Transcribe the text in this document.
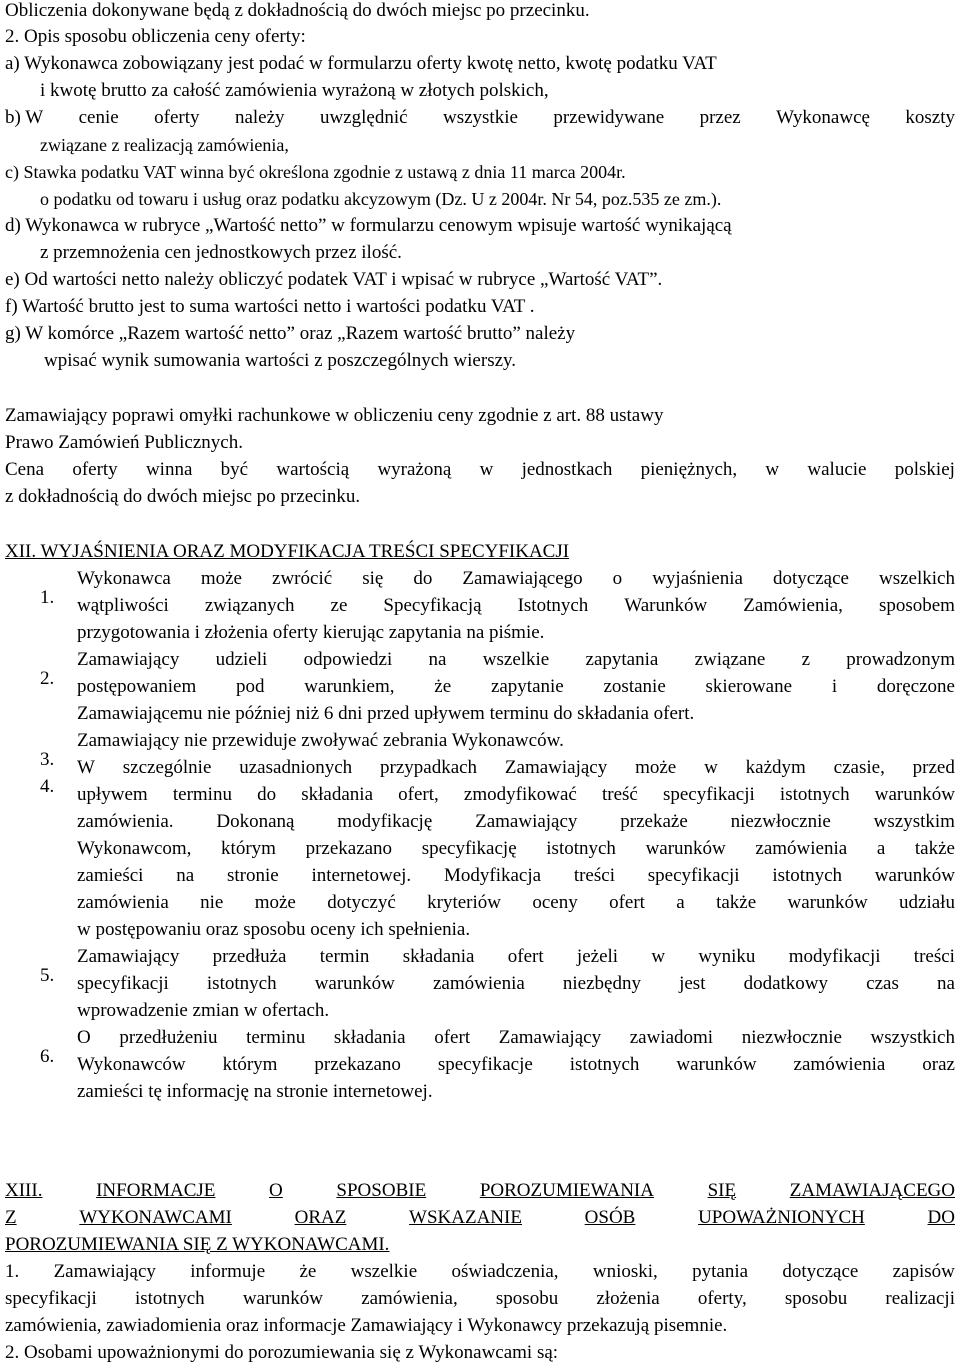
Obliczenia dokonywane będą z dokładnością do dwóch miejsc po przecinku.

2. Opis sposobu obliczenia ceny oferty:

a) Wykonawca zobowiązany jest podać w formularzu oferty kwotę netto, kwotę podatku VAT

i kwotę brutto za całość zamówienia wyrażoną w złotych polskich,

b) W cenie oferty należy uwzględnić wszystkie przewidywane przez Wykonawcę koszty

związane z realizacją zamówienia,

c) Stawka podatku VAT winna być określona zgodnie z ustawą z dnia 11 marca 2004r.

o podatku od towaru i usług oraz podatku akcyzowym (Dz. U z 2004r. Nr 54, poz.535 ze zm.).

d) Wykonawca w rubryce „Wartość netto” w formularzu cenowym wpisuje wartość wynikającą

z przemnożenia cen jednostkowych przez ilość.

e) Od wartości netto należy obliczyć podatek VAT i wpisać w rubryce „Wartość VAT”.

f) Wartość brutto jest to suma wartości netto i wartości podatku VAT .

g) W komórce „Razem wartość netto” oraz „Razem wartość brutto” należy

wpisać wynik sumowania wartości z poszczególnych wierszy.

Zamawiający poprawi omyłki rachunkowe w obliczeniu ceny zgodnie z art. 88 ustawy

Prawo Zamówień Publicznych.

Cena oferty winna być wartością wyrażoną w jednostkach pieniężnych, w walucie polskiej

z dokładnością do dwóch miejsc po przecinku.

XII. WYJAŚNIENIA ORAZ MODYFIKACJA TREŚCI SPECYFIKACJI

1.

Wykonawca może zwrócić się do Zamawiającego o wyjaśnienia dotyczące wszelkich
wątpliwości związanych ze Specyfikacją Istotnych Warunków Zamówienia, sposobem

przygotowania i złożenia oferty kierując zapytania na piśmie.

2.

Zamawiający udzieli odpowiedzi na wszelkie zapytania związane z prowadzonym
postępowaniem pod warunkiem, że zapytanie zostanie skierowane i doręczone

Zamawiającemu nie później niż 6 dni przed upływem terminu do składania ofert.

3.

Zamawiający nie przewiduje zwoływać zebrania Wykonawców.

4.

W szczególnie uzasadnionych przypadkach Zamawiający może w każdym czasie, przed
upływem terminu do składania ofert, zmodyfikować treść specyfikacji istotnych warunków
zamówienia. Dokonaną modyfikację Zamawiający przekaże niezwłocznie wszystkim
Wykonawcom, którym przekazano specyfikację istotnych warunków zamówienia a także
zamieści na stronie internetowej. Modyfikacja treści specyfikacji istotnych warunków
zamówienia nie może dotyczyć kryteriów oceny ofert a także warunków udziału

w postępowaniu oraz sposobu oceny ich spełnienia.

5.

Zamawiający przedłuża termin składania ofert jeżeli w wyniku modyfikacji treści
specyfikacji istotnych warunków zamówienia niezbędny jest dodatkowy czas na

wprowadzenie zmian w ofertach.

6.

O przedłużeniu terminu składania ofert Zamawiający zawiadomi niezwłocznie wszystkich
Wykonawców którym przekazano specyfikacje istotnych warunków zamówienia oraz

zamieści tę informację na stronie internetowej.

XIII.	INFORMACJE	O	SPOSOBIE	POROZUMIEWANIA	SIĘ	ZAMAWIAJĄCEGO
Z	WYKONAWCAMI	ORAZ	WSKAZANIE	OSÓB	UPOWAŻNIONYCH	DO

POROZUMIEWANIA SIĘ Z WYKONAWCAMI.

1. Zamawiający informuje że wszelkie oświadczenia, wnioski, pytania dotyczące zapisów
specyfikacji istotnych warunków zamówienia, sposobu złożenia oferty, sposobu realizacji

zamówienia, zawiadomienia oraz informacje Zamawiający i Wykonawcy przekazują pisemnie.

2. Osobami upoważnionymi do porozumiewania się z Wykonawcami są:
